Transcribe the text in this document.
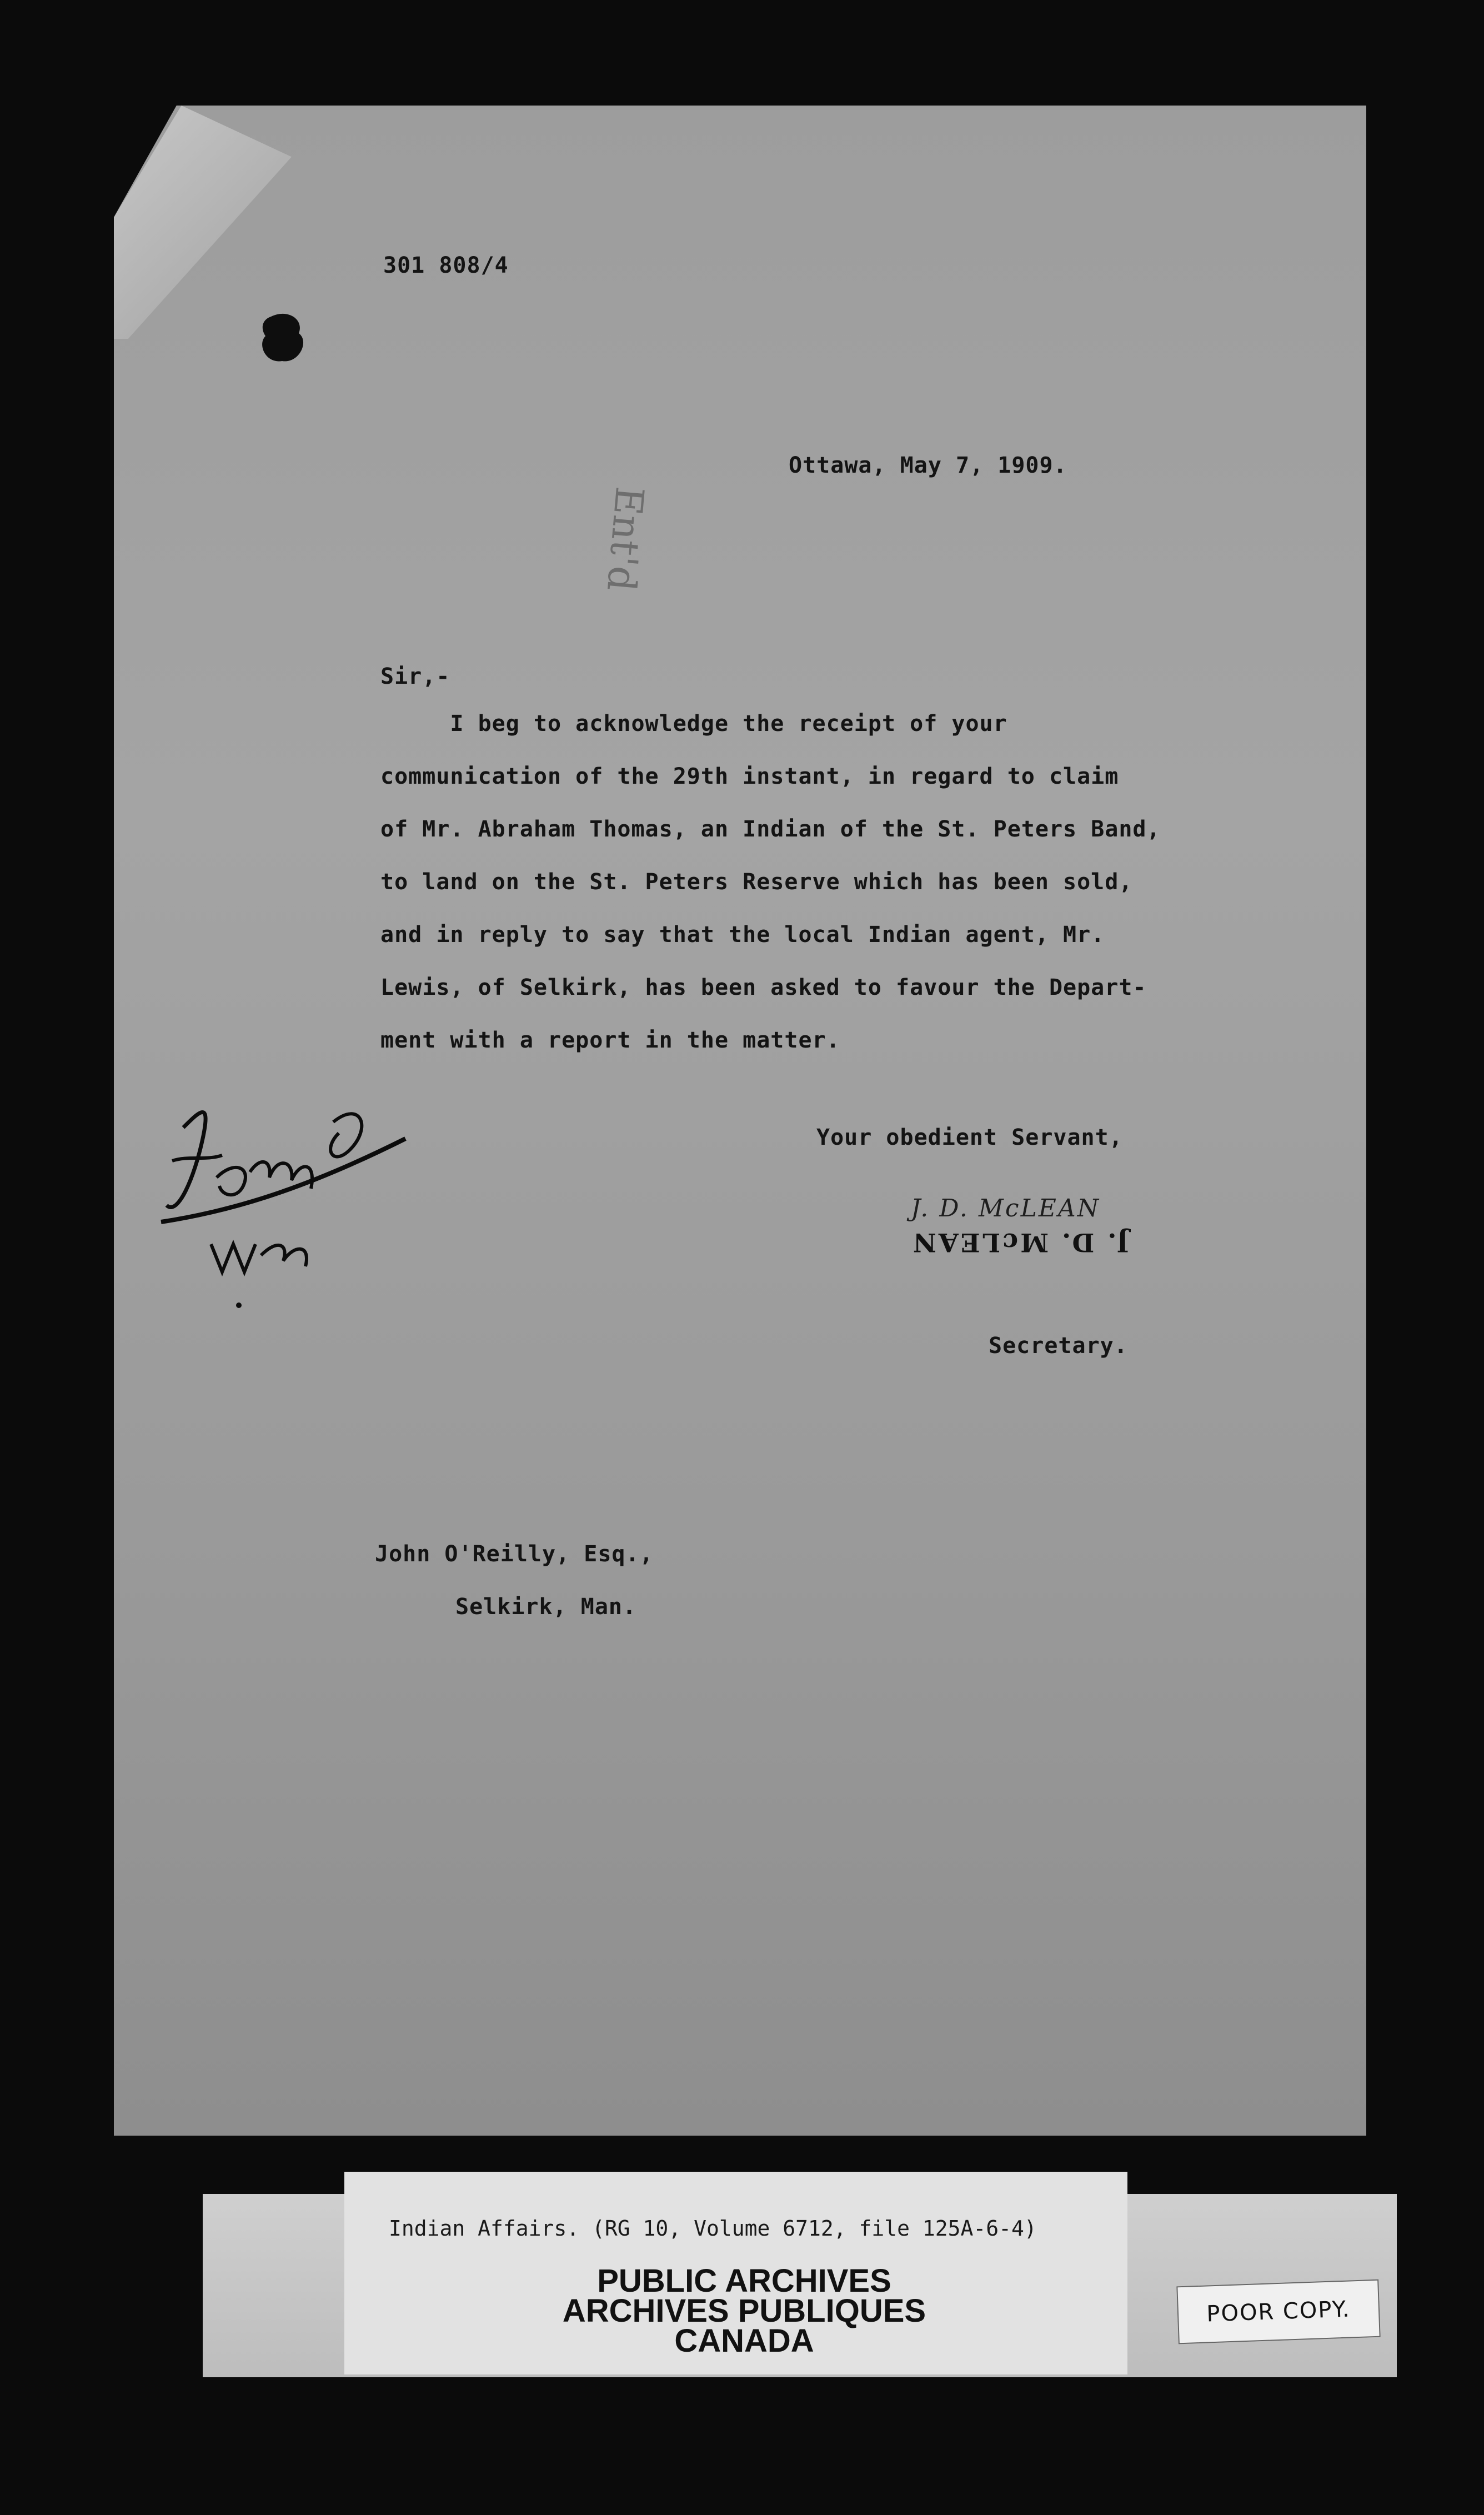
301 808/4
Ottawa, May 7, 1909.
Ent'd
Sir,-
I beg to acknowledge the receipt of your
communication of the 29th instant, in regard to claim
of Mr. Abraham Thomas, an Indian of the St. Peters Band,
to land on the St. Peters Reserve which has been sold,
and in reply to say that the local Indian agent, Mr.
Lewis, of Selkirk, has been asked to favour the Depart-
ment with a report in the matter.
Your obedient Servant,
J. D. McLEAN
J. D. McLEAN
Secretary.
John O'Reilly, Esq.,
Selkirk, Man.
Indian Affairs. (RG 10, Volume 6712, file 125A-6-4)
PUBLIC ARCHIVES
ARCHIVES PUBLIQUES
CANADA
POOR COPY.
